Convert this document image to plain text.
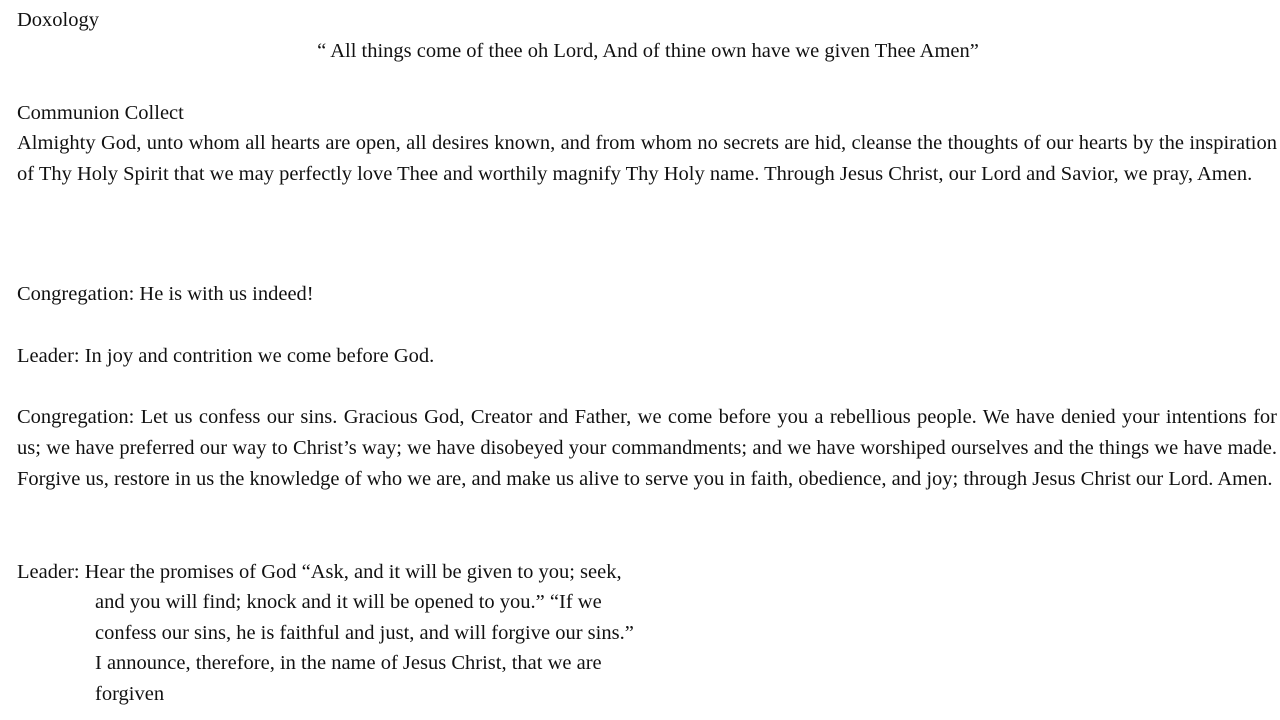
Doxology
“ All things come of thee oh Lord, And of thine own have we given Thee Amen”
Communion Collect
Almighty God, unto whom all hearts are open, all desires known, and from whom no secrets are hid, cleanse the thoughts of our hearts by the inspiration of Thy Holy Spirit that we may perfectly love Thee and worthily magnify Thy Holy name. Through Jesus Christ, our Lord and Savior, we pray, Amen.
Congregation: He is with us indeed!
Leader: In joy and contrition we come before God.
Congregation: Let us confess our sins. Gracious God, Creator and Father, we come before you a rebellious people. We have denied your intentions for us; we have preferred our way to Christ’s way; we have disobeyed your commandments; and we have worshiped ourselves and the things we have made. Forgive us, restore in us the knowledge of who we are, and make us alive to serve you in faith, obedience, and joy; through Jesus Christ our Lord. Amen.
Leader: Hear the promises of God “Ask, and it will be given to you; seek,
and you will find; knock and it will be opened to you.” “If we
confess our sins, he is faithful and just, and will forgive our sins.”
I announce, therefore, in the name of Jesus Christ, that we are
forgiven
